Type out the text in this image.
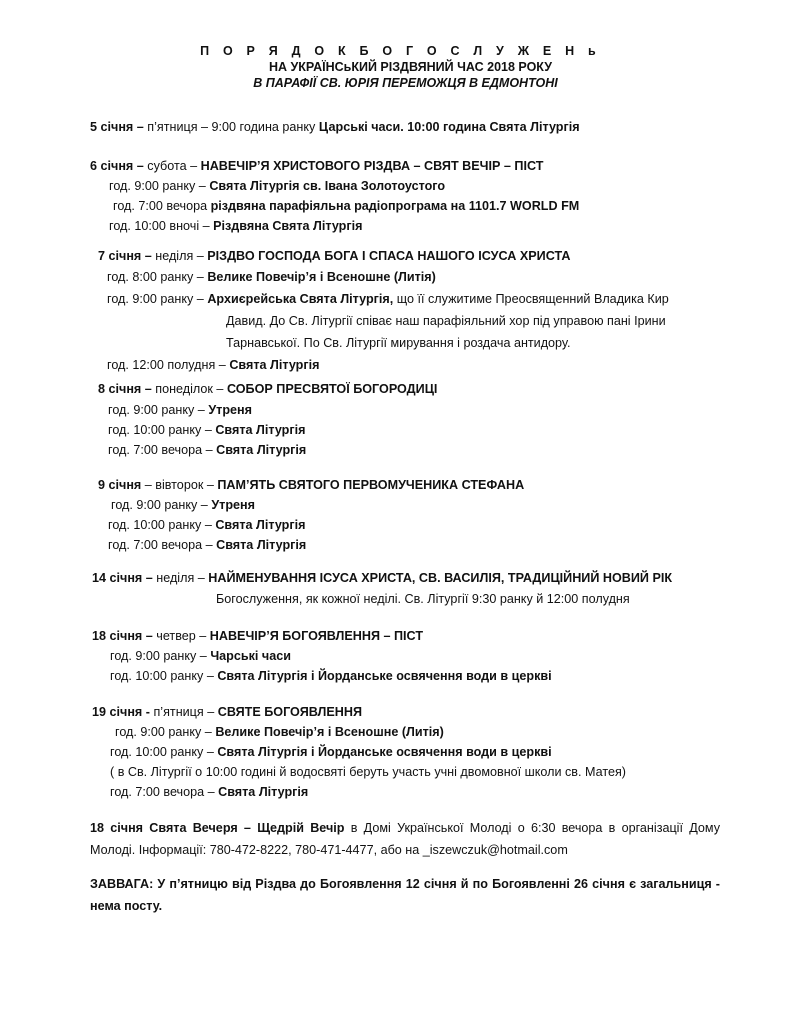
П О Р Я Д О К Б О Г О С Л У Ж Е Н ь
НА УКРАЇНСьКИЙ РІЗДВЯНИЙ ЧАС 2018 РОКУ
В ПАРАФІЇ СВ. ЮРІЯ ПЕРЕМОЖЦЯ В ЕДМОНТОНІ
5 січня – п’ятниця – 9:00 година ранку Царські часи. 10:00 година Свята Літургія
6 січня – субота – НАВЕЧІР’Я ХРИСТОВОГО РІЗДВА – СВЯТ ВЕЧІР – ПІСТ
год. 9:00 ранку – Свята Літургія св. Івана Золотоустого
год. 7:00 вечора різдвяна парафіяльна радіопрограма на 1101.7 WORLD FM
год. 10:00 вночі – Різдвяна Свята Літургія
7 січня – неділя – РІЗДВО ГОСПОДА БОГА І СПАСА НАШОГО ІСУСА ХРИСТА
год. 8:00 ранку – Велике Повечір’я і Всеношне (Литія)
год. 9:00 ранку – Архиєрейська Свята Літургія, що її служитиме Преосвященний Владика Кир
Давид. До Св. Літургії співає наш парафіяльний хор під управою пані Ірини
Тарнавської. По Св. Літургії мирування і роздача антидору.
год. 12:00 полудня – Свята Літургія
8 січня – понеділок – СОБОР ПРЕСВЯТОЇ БОГОРОДИЦІ
год. 9:00 ранку – Утреня
год. 10:00 ранку – Свята Літургія
год. 7:00 вечора – Свята Літургія
9 січня – вівторок – ПАМ’ЯТЬ СВЯТОГО ПЕРВОМУЧЕНИКА СТЕФАНА
год. 9:00 ранку – Утреня
год. 10:00 ранку – Свята Літургія
год. 7:00 вечора – Свята Літургія
14 січня – неділя – НАЙМЕНУВАННЯ ІСУСА ХРИСТА, СВ. ВАСИЛІЯ, ТРАДИЦІЙНИЙ НОВИЙ РІК
Богослуження, як кожної неділі. Св. Літургії 9:30 ранку й 12:00 полудня
18 січня – четвер – НАВЕЧІР’Я БОГОЯВЛЕННЯ – ПІСТ
год. 9:00 ранку – Чарські часи
год. 10:00 ранку – Свята Літургія і Йорданське освячення води в церкві
19 січня - п’ятниця – СВЯТЕ БОГОЯВЛЕННЯ
год. 9:00 ранку – Велике Повечір’я і Всеношне (Литія)
год. 10:00 ранку – Свята Літургія і Йорданське освячення води в церкві
( в Св. Літургії о 10:00 годині й водосвяті беруть участь учні двомовної школи св. Матея)
год. 7:00 вечора – Свята Літургія
18 січня Свята Вечеря – Щедрій Вечір в Домі Української Молоді о 6:30 вечора в організації Дому Молоді. Інформації: 780-472-8222, 780-471-4477, або на _iszewczuk@hotmail.com
ЗАВВАГА: У п’ятницю від Різдва до Богоявлення 12 січня й по Богоявленні 26 січня є загальниця - нема посту.
